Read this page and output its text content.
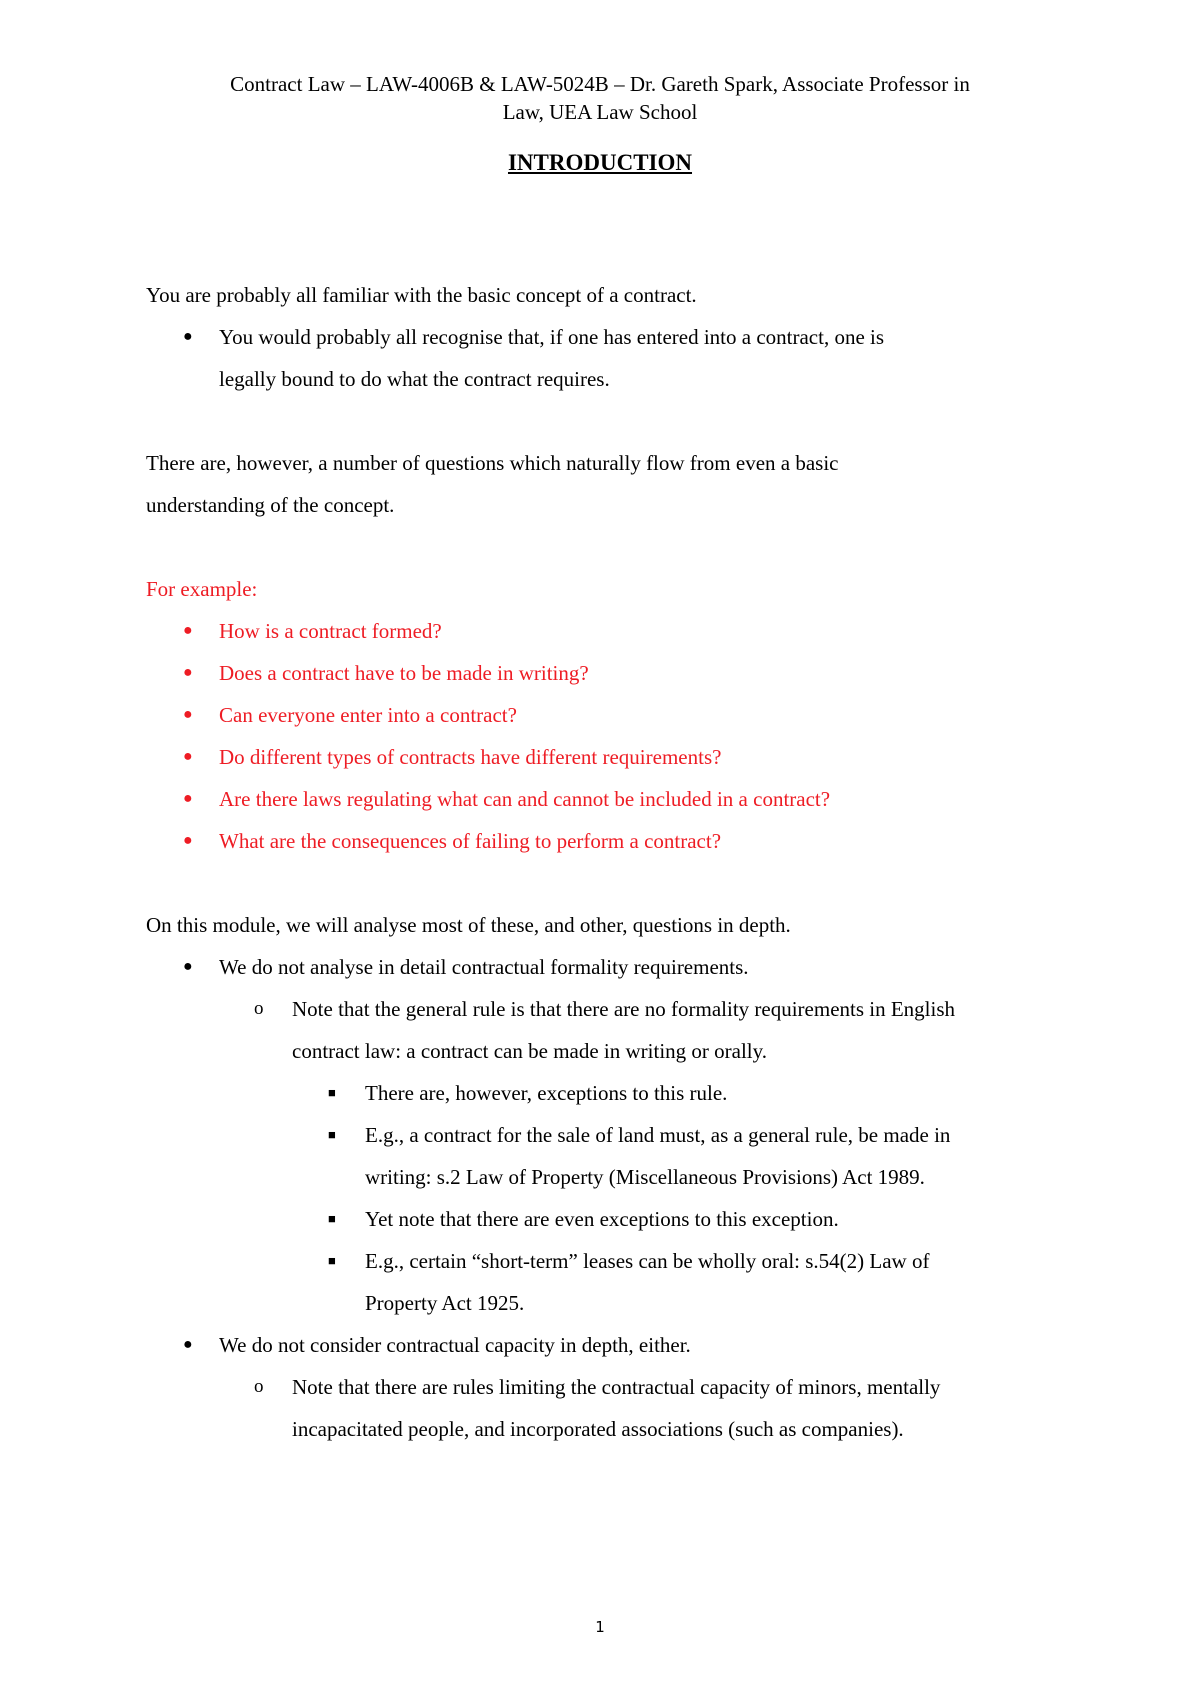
Contract Law – LAW-4006B & LAW-5024B – Dr. Gareth Spark, Associate Professor in
Law, UEA Law School
INTRODUCTION

You are probably all familiar with the basic concept of a contract.

● You would probably all recognise that, if one has entered into a contract, one is
legally bound to do what the contract requires.

There are, however, a number of questions which naturally flow from even a basic
understanding of the concept.

For example:

● How is a contract formed?
● Does a contract have to be made in writing?
● Can everyone enter into a contract?
● Do different types of contracts have different requirements?
● Are there laws regulating what can and cannot be included in a contract?
● What are the consequences of failing to perform a contract?

On this module, we will analyse most of these, and other, questions in depth.

● We do not analyse in detail contractual formality requirements.
o Note that the general rule is that there are no formality requirements in English
contract law: a contract can be made in writing or orally.
■ There are, however, exceptions to this rule.
■ E.g., a contract for the sale of land must, as a general rule, be made in
writing: s.2 Law of Property (Miscellaneous Provisions) Act 1989.
■ Yet note that there are even exceptions to this exception.
■ E.g., certain “short-term” leases can be wholly oral: s.54(2) Law of
Property Act 1925.
● We do not consider contractual capacity in depth, either.
o Note that there are rules limiting the contractual capacity of minors, mentally
incapacitated people, and incorporated associations (such as companies).
1
